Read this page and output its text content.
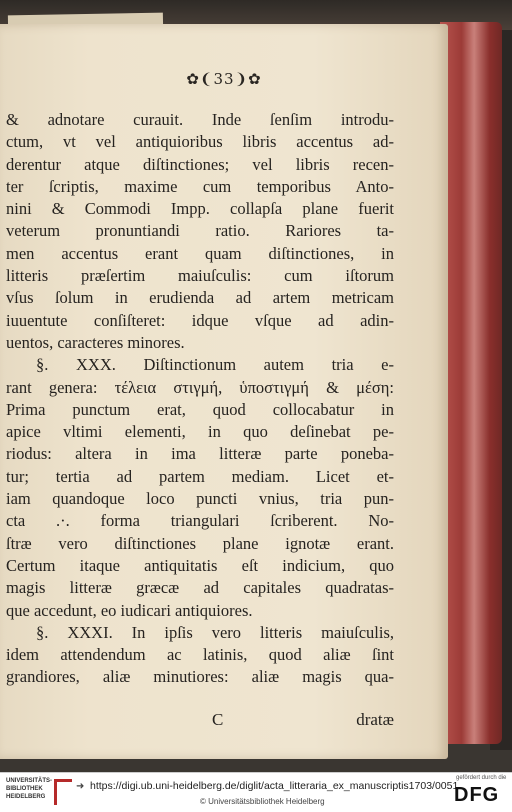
✿❨33❩✿
& adnotare curauit. Inde ſenſim introdu-
ctum, vt vel antiquioribus libris accentus ad-
derentur atque diſtinctiones; vel libris recen-
ter ſcriptis, maxime cum temporibus Anto-
nini & Commodi Impp. collapſa plane fuerit
veterum pronuntiandi ratio. Rariores ta-
men accentus erant quam diſtinctiones, in
litteris præſertim maiuſculis: cum iſtorum
vſus ſolum in erudienda ad artem metricam
iuuentute conſiſteret: idque vſque ad adin-
uentos, caracteres minores.
§. XXX. Diſtinctionum autem tria e-
rant genera: τέλεια στιγμή, ὑποστιγμή & μέση:
Prima punctum erat, quod collocabatur in
apice vltimi elementi, in quo deſinebat pe-
riodus: altera in ima litteræ parte poneba-
tur; tertia ad partem mediam. Licet et-
iam quandoque loco puncti vnius, tria pun-
cta .·. forma triangulari ſcriberent. No-
ſtræ vero diſtinctiones plane ignotæ erant.
Certum itaque antiquitatis eſt indicium, quo
magis litteræ græcæ ad capitales quadratas-
que accedunt, eo iudicari antiquiores.
§. XXXI. In ipſis vero litteris maiuſculis,
idem attendendum ac latinis, quod aliæ ſint
grandiores, aliæ minutiores: aliæ magis qua-
C	dratæ
UNIVERSITÄTS-BIBLIOTHEK HEIDELBERG
➜ https://digi.ub.uni-heidelberg.de/diglit/acta_litteraria_ex_manuscriptis1703/0051
© Universitätsbibliothek Heidelberg
gefördert durch die
DFG
